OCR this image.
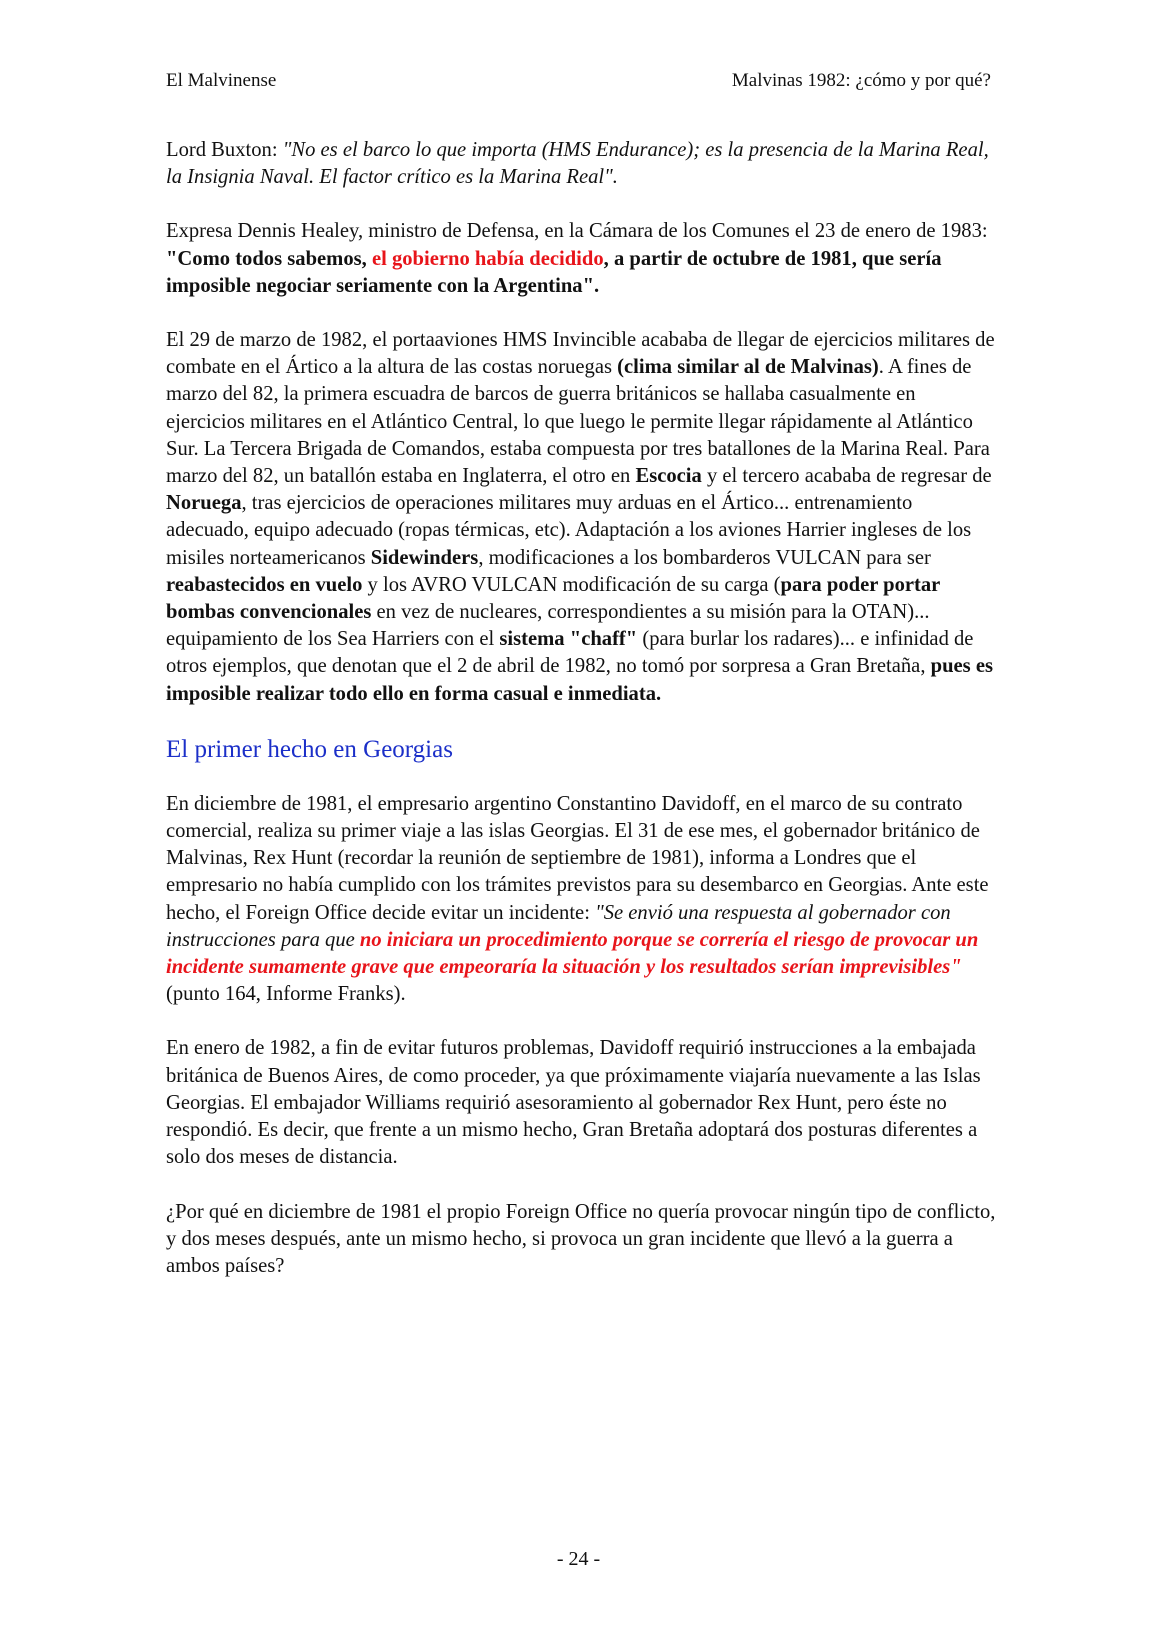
El Malvinense	Malvinas 1982: ¿cómo y por qué?

Lord Buxton: "No es el barco lo que importa (HMS Endurance); es la presencia de la Marina Real, la Insignia Naval. El factor crítico es la Marina Real".

Expresa Dennis Healey, ministro de Defensa, en la Cámara de los Comunes el 23 de enero de 1983:
"Como todos sabemos, el gobierno había decidido, a partir de octubre de 1981, que sería imposible negociar seriamente con la Argentina".

El 29 de marzo de 1982, el portaaviones HMS Invincible acababa de llegar de ejercicios militares de combate en el Ártico a la altura de las costas noruegas (clima similar al de Malvinas). A fines de marzo del 82, la primera escuadra de barcos de guerra británicos se hallaba casualmente en ejercicios militares en el Atlántico Central, lo que luego le permite llegar rápidamente al Atlántico Sur. La Tercera Brigada de Comandos, estaba compuesta por tres batallones de la Marina Real. Para marzo del 82, un batallón estaba en Inglaterra, el otro en Escocia y el tercero acababa de regresar de Noruega, tras ejercicios de operaciones militares muy arduas en el Ártico... entrenamiento adecuado, equipo adecuado (ropas térmicas, etc). Adaptación a los aviones Harrier ingleses de los misiles norteamericanos Sidewinders, modificaciones a los bombarderos VULCAN para ser reabastecidos en vuelo y los AVRO VULCAN modificación de su carga (para poder portar bombas convencionales en vez de nucleares, correspondientes a su misión para la OTAN)... equipamiento de los Sea Harriers con el sistema "chaff" (para burlar los radares)... e infinidad de otros ejemplos, que denotan que el 2 de abril de 1982, no tomó por sorpresa a Gran Bretaña, pues es imposible realizar todo ello en forma casual e inmediata.

El primer hecho en Georgias

En diciembre de 1981, el empresario argentino Constantino Davidoff, en el marco de su contrato comercial, realiza su primer viaje a las islas Georgias. El 31 de ese mes, el gobernador británico de Malvinas, Rex Hunt (recordar la reunión de septiembre de 1981), informa a Londres que el empresario no había cumplido con los trámites previstos para su desembarco en Georgias. Ante este hecho, el Foreign Office decide evitar un incidente: "Se envió una respuesta al gobernador con instrucciones para que no iniciara un procedimiento porque se correría el riesgo de provocar un incidente sumamente grave que empeoraría la situación y los resultados serían imprevisibles" (punto 164, Informe Franks).

En enero de 1982, a fin de evitar futuros problemas, Davidoff requirió instrucciones a la embajada británica de Buenos Aires, de como proceder, ya que próximamente viajaría nuevamente a las Islas Georgias. El embajador Williams requirió asesoramiento al gobernador Rex Hunt, pero éste no respondió. Es decir, que frente a un mismo hecho, Gran Bretaña adoptará dos posturas diferentes a solo dos meses de distancia.

¿Por qué en diciembre de 1981 el propio Foreign Office no quería provocar ningún tipo de conflicto, y dos meses después, ante un mismo hecho, si provoca un gran incidente que llevó a la guerra a ambos países?

- 24 -
